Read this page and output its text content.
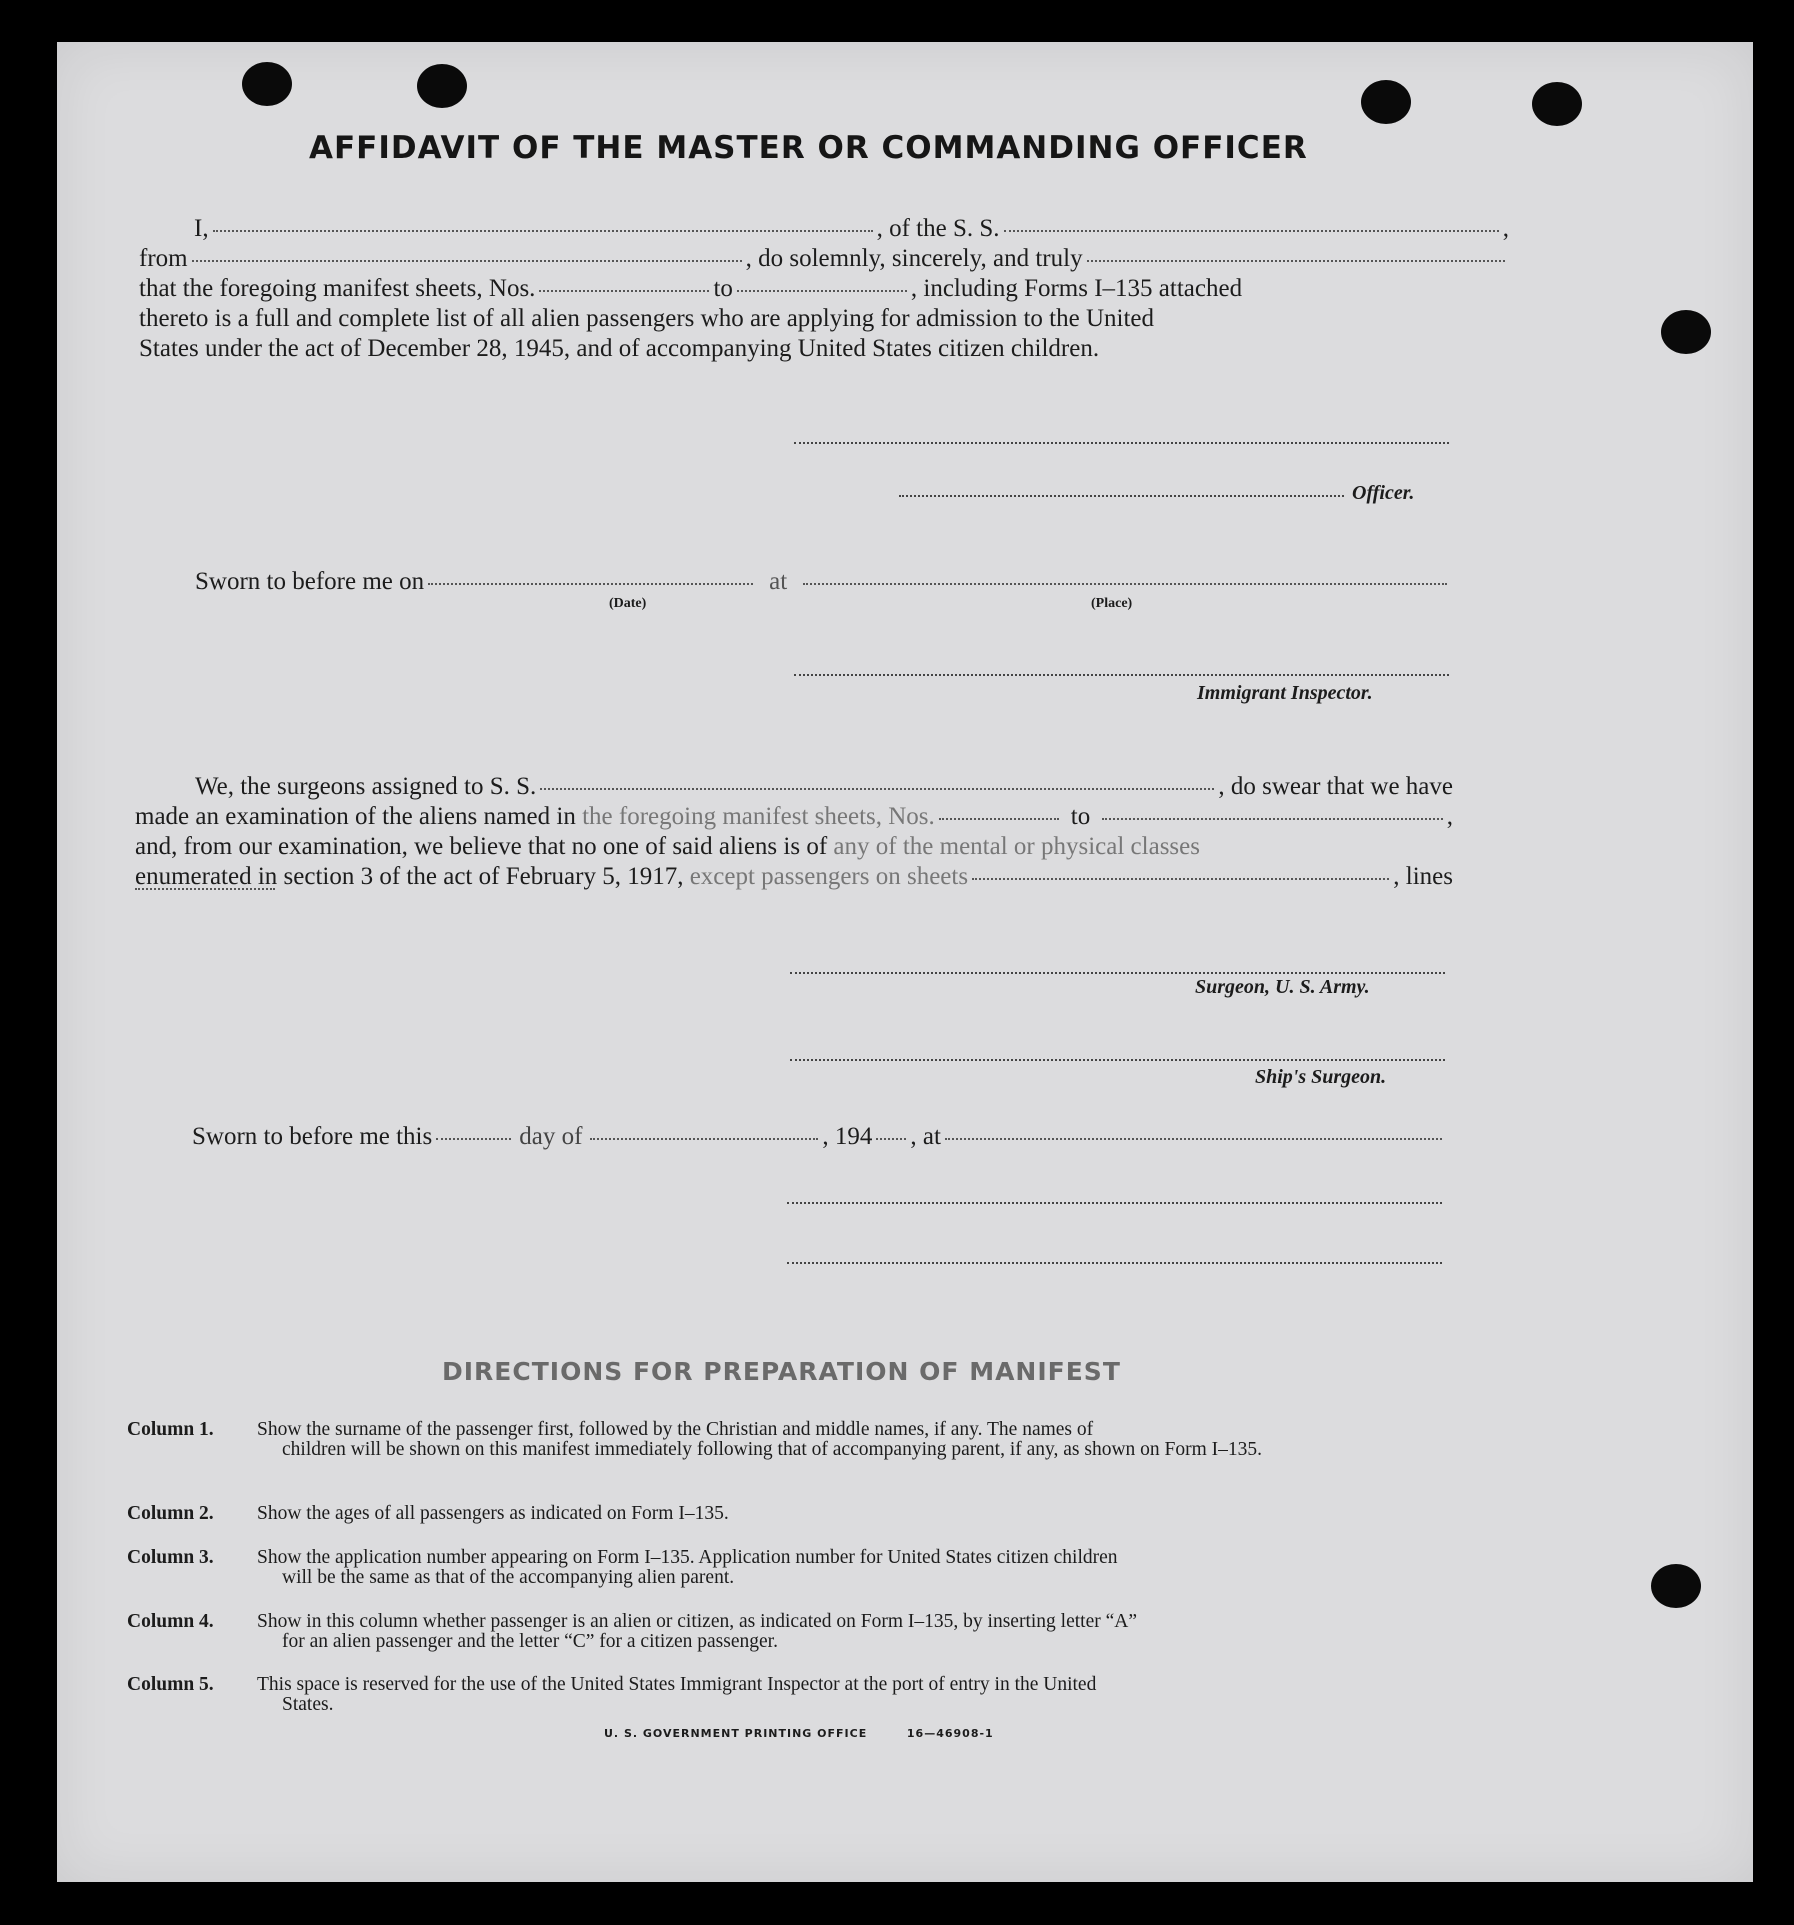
AFFIDAVIT OF THE MASTER OR COMMANDING OFFICER
I,	, of the S. S.	,
from	, do solemnly, sincerely, and truly
that the foregoing manifest sheets, Nos.	to	, including Forms I–135 attached
thereto is a full and complete list of all alien passengers who are applying for admission to the United
States under the act of December 28, 1945, and of accompanying United States citizen children.
Officer.
Sworn to before me on	at
(Date)	(Place)
Immigrant Inspector.
We, the surgeons assigned to S. S.	, do swear that we have
made an examination of the aliens named in
the foregoing manifest sheets, Nos.	to	,
and, from our examination, we believe that no one of said aliens is of
any of the mental or physical classes
enumerated in section 3 of the act of February 5, 1917,
except passengers on sheets	, lines
Surgeon, U. S. Army.
Ship's Surgeon.
Sworn to before me this	day of	, 194 , at
DIRECTIONS FOR PREPARATION OF MANIFEST
Column 1.	Show the surname of the passenger first, followed by the Christian and middle names, if any. The names of
children will be shown on this manifest immediately following that of accompanying parent, if any, as shown on Form I–135.
Column 2.	Show the ages of all passengers as indicated on Form I–135.
Column 3.	Show the application number appearing on Form I–135. Application number for United States citizen children
will be the same as that of the accompanying alien parent.
Column 4.	Show in this column whether passenger is an alien or citizen, as indicated on Form I–135, by inserting letter “A”
for an alien passenger and the letter “C” for a citizen passenger.
Column 5.	This space is reserved for the use of the United States Immigrant Inspector at the port of entry in the United
States.
U. S. GOVERNMENT PRINTING OFFICE	16—46908-1
